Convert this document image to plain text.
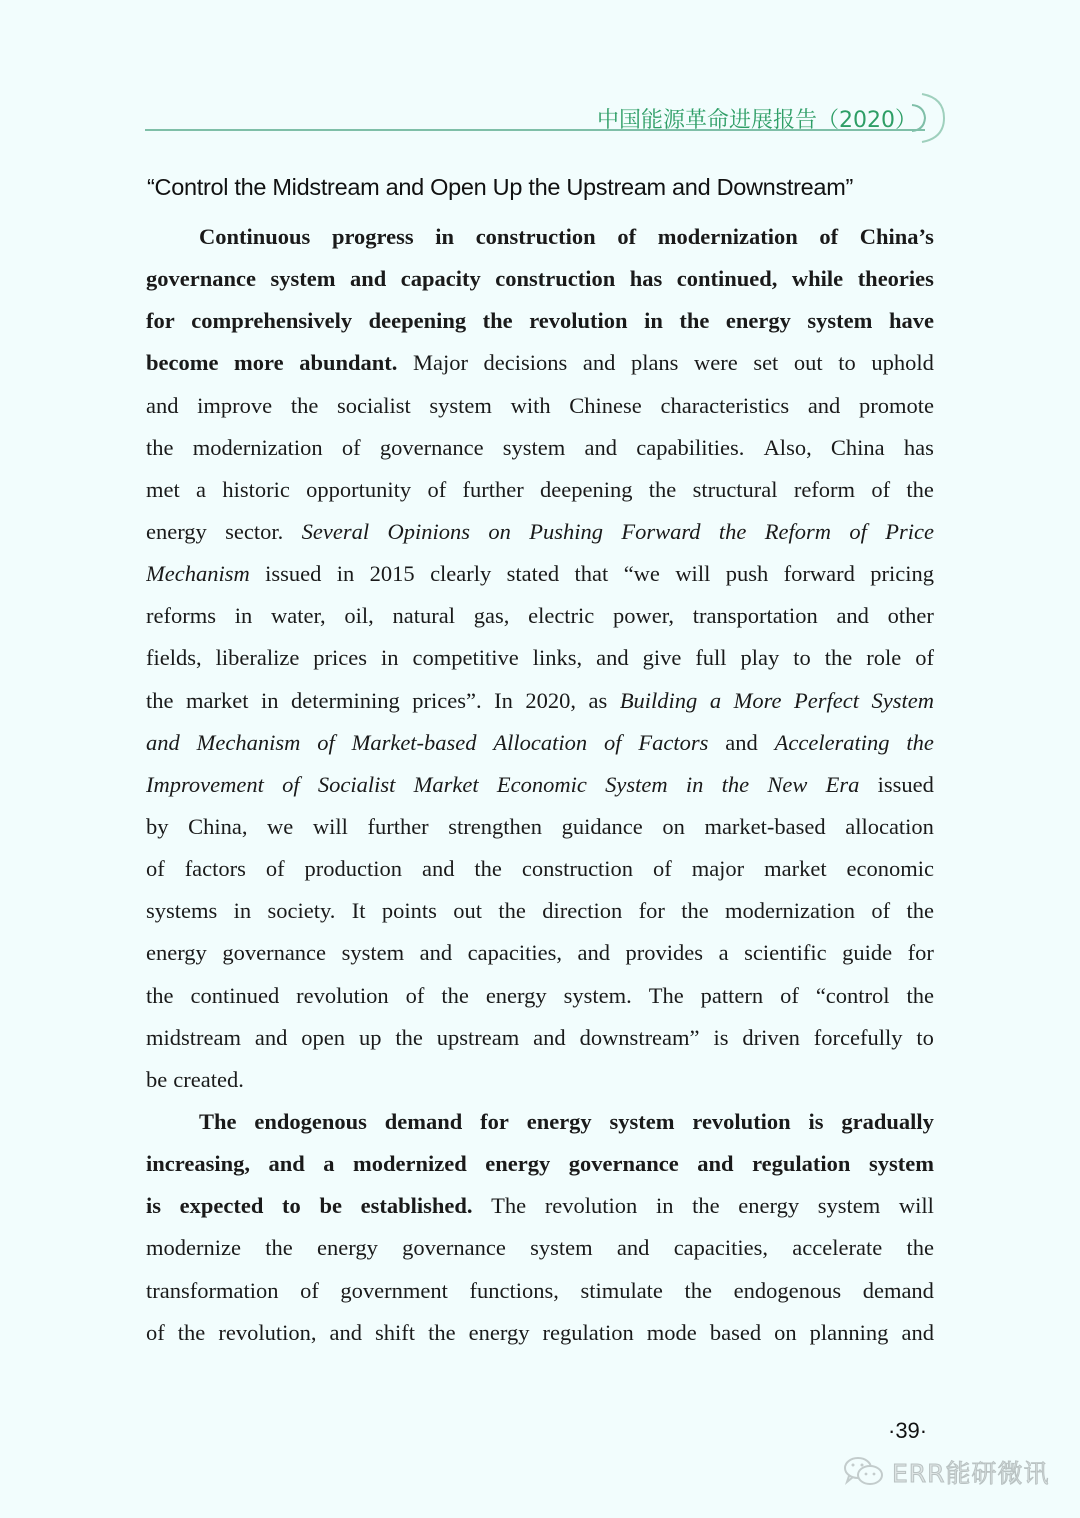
中国能源革命进展报告（2020）
“Control the Midstream and Open Up the Upstream and Downstream”
Continuous progress in construction of modernization of China’s
governance system and capacity construction has continued, while theories
for comprehensively deepening the revolution in the energy system have
become more abundant. Major decisions and plans were set out to uphold
and improve the socialist system with Chinese characteristics and promote
the modernization of governance system and capabilities. Also, China has
met a historic opportunity of further deepening the structural reform of the
energy sector. Several Opinions on Pushing Forward the Reform of Price
Mechanism issued in 2015 clearly stated that “we will push forward pricing
reforms in water, oil, natural gas, electric power, transportation and other
fields, liberalize prices in competitive links, and give full play to the role of
the market in determining prices”. In 2020, as Building a More Perfect System
and Mechanism of Market-based Allocation of Factors and Accelerating the
Improvement of Socialist Market Economic System in the New Era issued
by China, we will further strengthen guidance on market-based allocation
of factors of production and the construction of major market economic
systems in society. It points out the direction for the modernization of the
energy governance system and capacities, and provides a scientific guide for
the continued revolution of the energy system. The pattern of “control the
midstream and open up the upstream and downstream” is driven forcefully to
be created.
The endogenous demand for energy system revolution is gradually
increasing, and a modernized energy governance and regulation system
is expected to be established. The revolution in the energy system will
modernize the energy governance system and capacities, accelerate the
transformation of government functions, stimulate the endogenous demand
of the revolution, and shift the energy regulation mode based on planning and
·39·
ERR能研微讯
